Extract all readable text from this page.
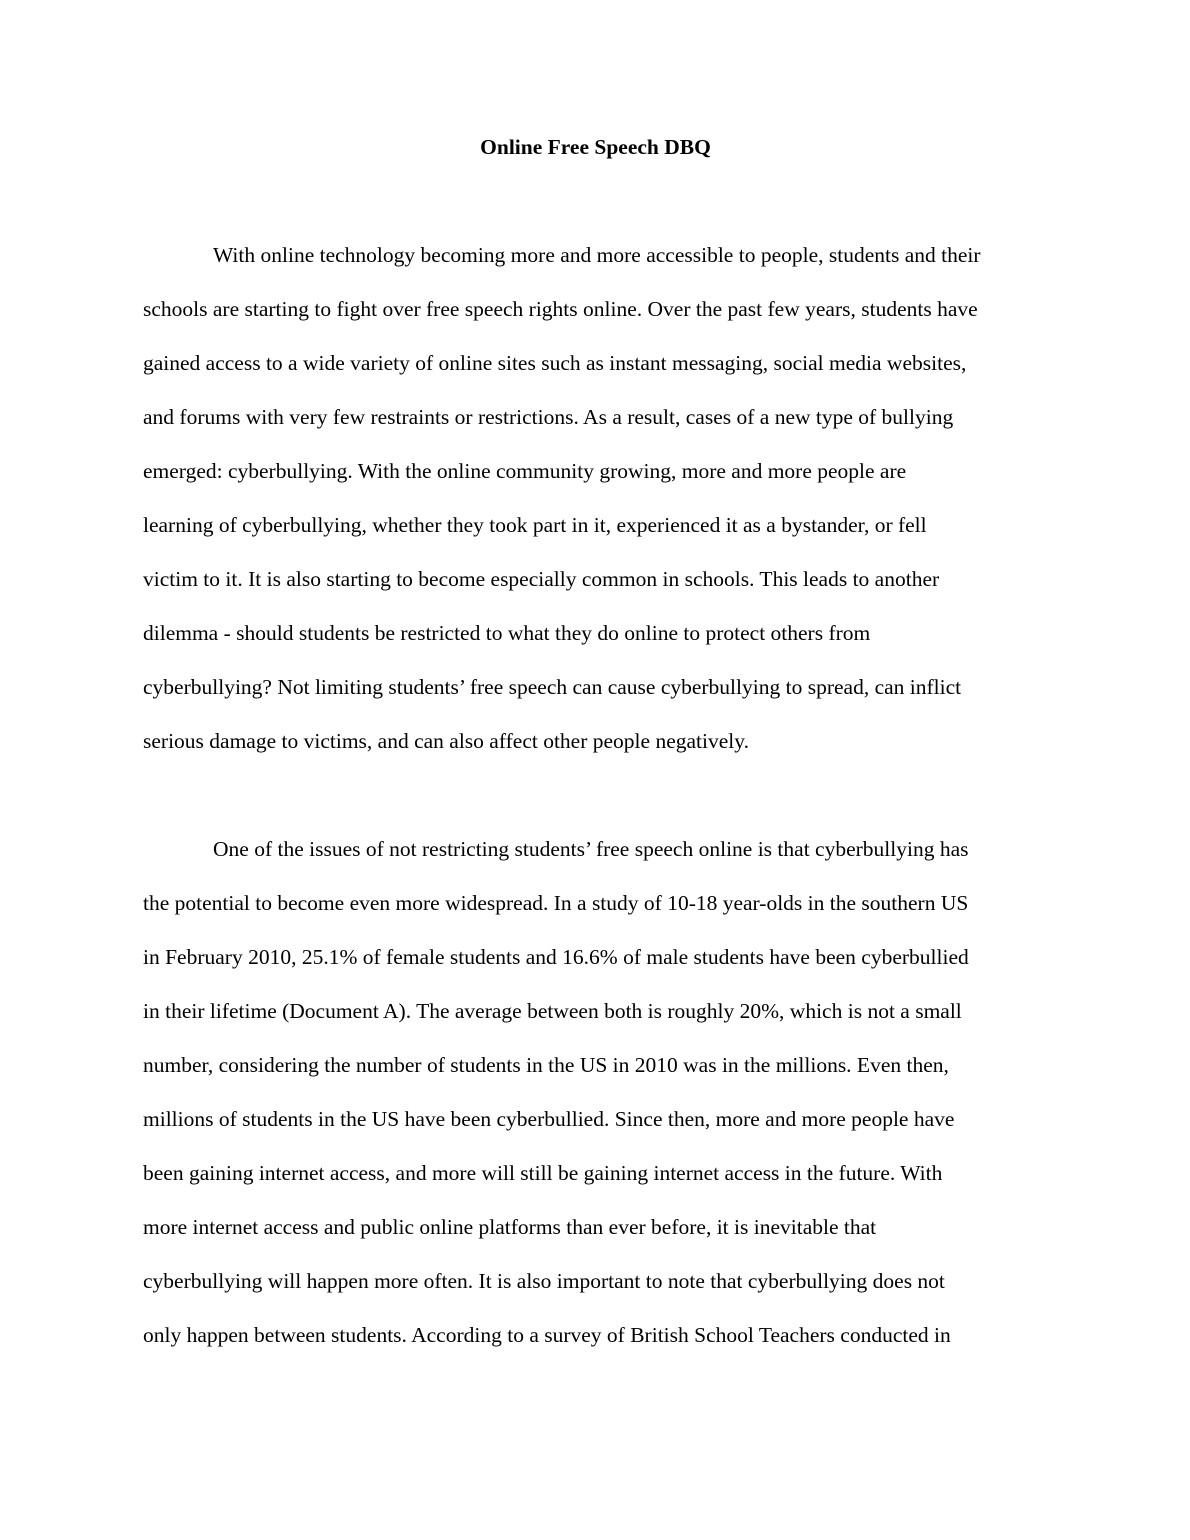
Online Free Speech DBQ
With online technology becoming more and more accessible to people, students and their
schools are starting to fight over free speech rights online. Over the past few years, students have
gained access to a wide variety of online sites such as instant messaging, social media websites,
and forums with very few restraints or restrictions. As a result, cases of a new type of bullying
emerged: cyberbullying. With the online community growing, more and more people are
learning of cyberbullying, whether they took part in it, experienced it as a bystander, or fell
victim to it. It is also starting to become especially common in schools. This leads to another
dilemma - should students be restricted to what they do online to protect others from
cyberbullying? Not limiting students’ free speech can cause cyberbullying to spread, can inflict
serious damage to victims, and can also affect other people negatively.
One of the issues of not restricting students’ free speech online is that cyberbullying has
the potential to become even more widespread. In a study of 10-18 year-olds in the southern US
in February 2010, 25.1% of female students and 16.6% of male students have been cyberbullied
in their lifetime (Document A). The average between both is roughly 20%, which is not a small
number, considering the number of students in the US in 2010 was in the millions. Even then,
millions of students in the US have been cyberbullied. Since then, more and more people have
been gaining internet access, and more will still be gaining internet access in the future. With
more internet access and public online platforms than ever before, it is inevitable that
cyberbullying will happen more often. It is also important to note that cyberbullying does not
only happen between students. According to a survey of British School Teachers conducted in
